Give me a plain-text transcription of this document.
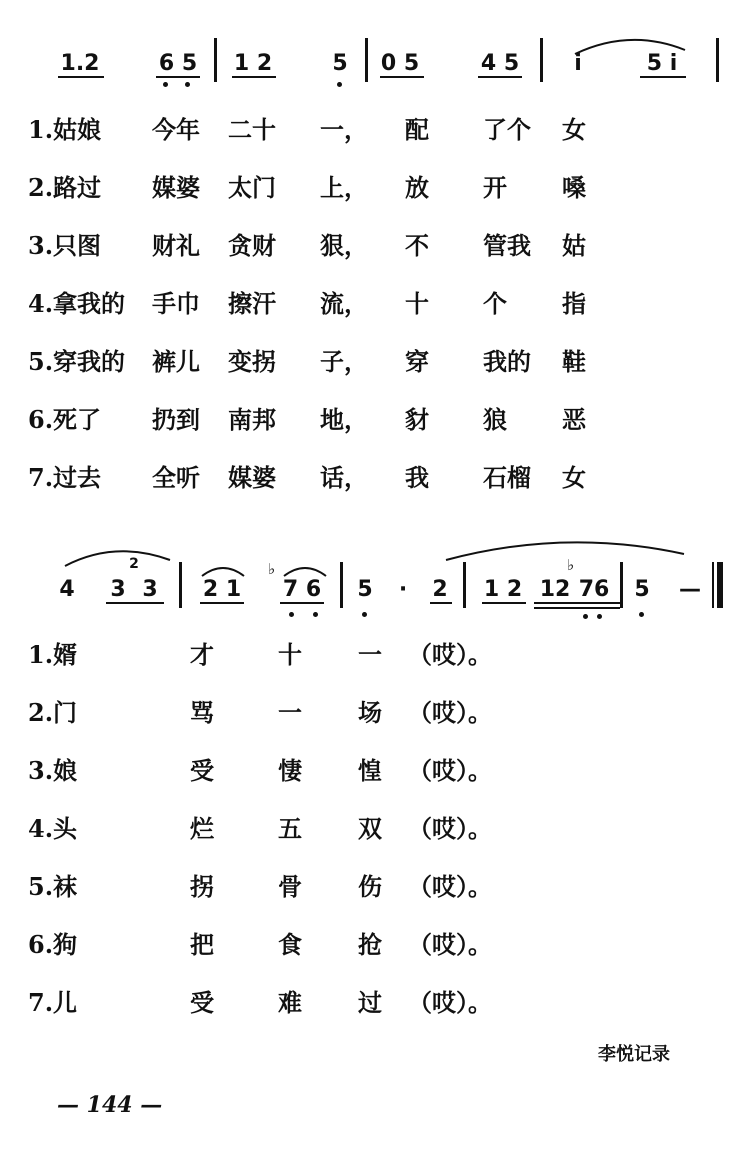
1.2	6 5 1 2	5 0 5	4 5	i	5 i
1.姑娘 今年 二十 一， 配 了个 女
2.路过 媒婆 太门 上， 放 开 嗓
3.只图 财礼 贪财 狠， 不 管我 姑
4.拿我的 手巾 擦汗 流， 十 个 指
5.穿我的 裤儿 变拐 子， 穿 我的 鞋
6.死了 扔到 南邦 地， 豺 狼 恶
7.过去 全听 媒婆 话， 我 石榴 女
4 3
2
3 2 1
♭
7 6 5 · 2 1 2 12
♭
76 5 —
1.婿	才	十 一 （哎）。
2.门	骂	一 场 （哎）。
3.娘	受	悽 惶 （哎）。
4.头	烂	五 双 （哎）。
5.袜	拐	骨 伤 （哎）。
6.狗	把	食 抢 （哎）。
7.儿	受	难 过 （哎）。
李悦记录
— 144 —
